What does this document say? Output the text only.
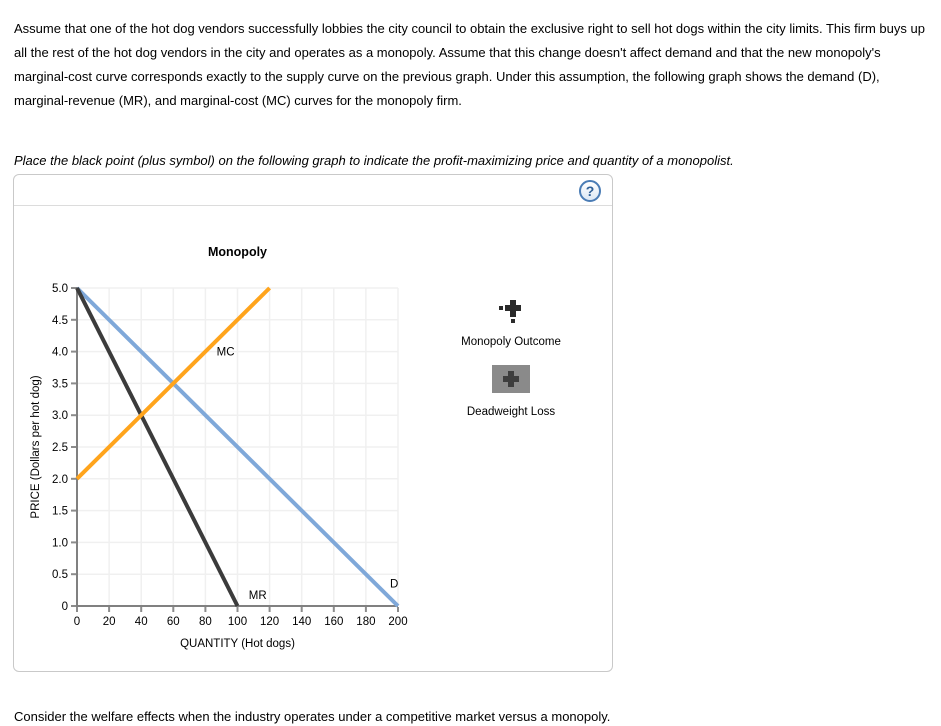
Assume that one of the hot dog vendors successfully lobbies the city council to obtain the exclusive right to sell hot dogs within the city limits. This firm buys up all the rest of the hot dog vendors in the city and operates as a monopoly. Assume that this change doesn't affect demand and that the new monopoly's marginal-cost curve corresponds exactly to the supply curve on the previous graph. Under this assumption, the following graph shows the demand (D), marginal-revenue (MR), and marginal-cost (MC) curves for the monopoly firm.

Place the black point (plus symbol) on the following graph to indicate the profit-maximizing price and quantity of a monopolist.

?
0 20 40 60 80 100 120 140 160 180 200
0
0.5
1.0
1.5
2.0
2.5
3.0
3.5
4.0
4.5
5.0
Monopoly
QUANTITY (Hot dogs)
PRICE (Dollars per hot dog)
D
MR
MC
Monopoly Outcome
Deadweight Loss

Consider the welfare effects when the industry operates under a competitive market versus a monopoly.
